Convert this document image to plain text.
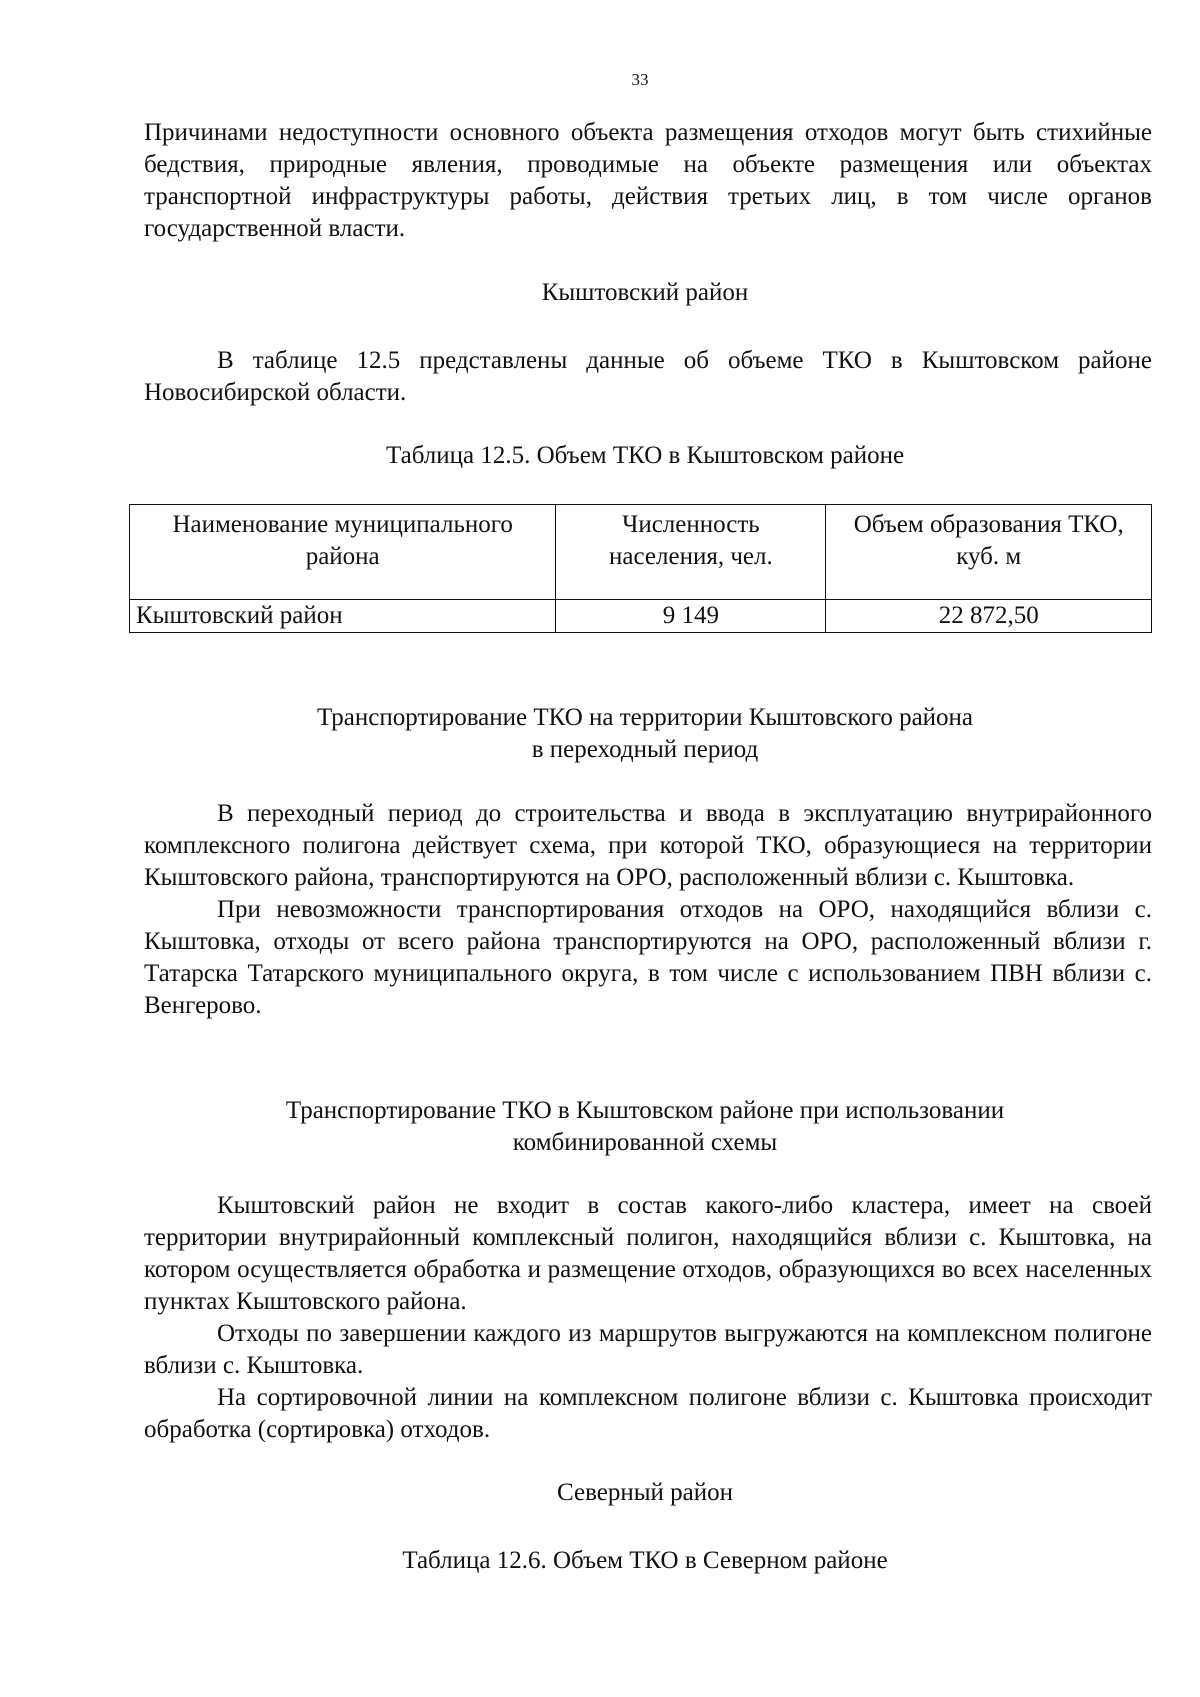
33

Причинами недоступности основного объекта размещения отходов могут быть стихийные бедствия, природные явления, проводимые на объекте размещения или объектах транспортной инфраструктуры работы, действия третьих лиц, в том числе органов государственной власти.

Кыштовский район

В таблице 12.5 представлены данные об объеме ТКО в Кыштовском районе Новосибирской области.

Таблица 12.5. Объем ТКО в Кыштовском районе

Наименование муниципального района	Численность населения, чел.	Объем образования ТКО, куб. м
Кыштовский район	9 149	22 872,50
Транспортирование ТКО на территории Кыштовского района
в переходный период

В переходный период до строительства и ввода в эксплуатацию внутрирайонного комплексного полигона действует схема, при которой ТКО, образующиеся на территории Кыштовского района, транспортируются на ОРО, расположенный вблизи с. Кыштовка.

При невозможности транспортирования отходов на ОРО, находящийся вблизи с. Кыштовка, отходы от всего района транспортируются на ОРО, расположенный вблизи г. Татарска Татарского муниципального округа, в том числе с использованием ПВН вблизи с. Венгерово.

Транспортирование ТКО в Кыштовском районе при использовании
комбинированной схемы

Кыштовский район не входит в состав какого-либо кластера, имеет на своей территории внутрирайонный комплексный полигон, находящийся вблизи с. Кыштовка, на котором осуществляется обработка и размещение отходов, образующихся во всех населенных пунктах Кыштовского района.

Отходы по завершении каждого из маршрутов выгружаются на комплексном полигоне вблизи с. Кыштовка.

На сортировочной линии на комплексном полигоне вблизи с. Кыштовка происходит обработка (сортировка) отходов.

Северный район

Таблица 12.6. Объем ТКО в Северном районе
